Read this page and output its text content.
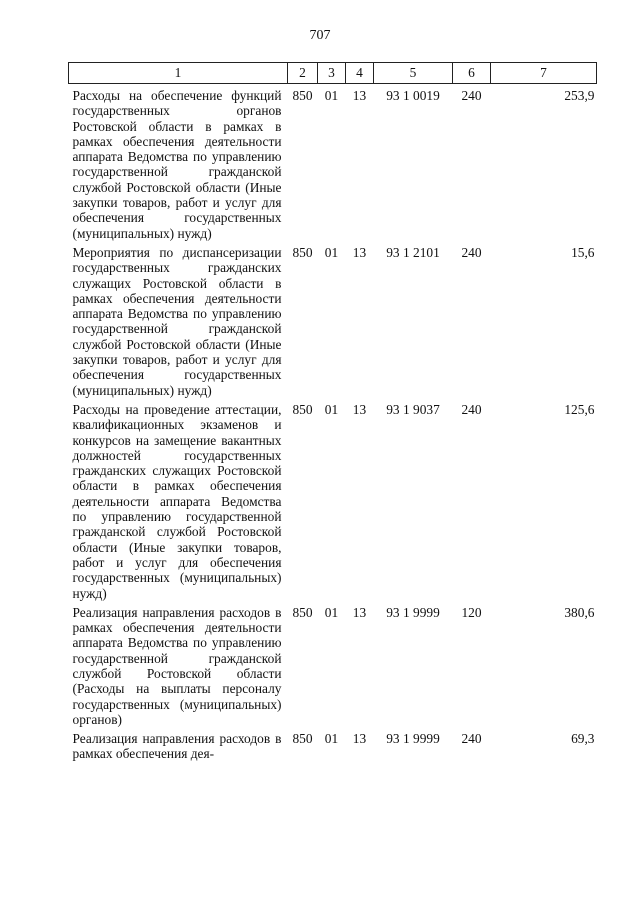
707
1	2	3	4	5	6	7
Расходы на обеспечение функций государственных органов Ростовской области в рамках в рамках обеспечения деятельности аппарата Ведомства по управлению государственной гражданской службой Ростовской области (Иные закупки товаров, работ и услуг для обеспечения государственных (муниципальных) нужд)	850	01	13	93 1 0019	240	253,9
Мероприятия по диспансеризации государственных гражданских служащих Ростовской области в рамках обеспечения деятельности аппарата Ведомства по управлению государственной гражданской службой Ростовской области (Иные закупки товаров, работ и услуг для обеспечения государственных (муниципальных) нужд)	850	01	13	93 1 2101	240	15,6
Расходы на проведение аттестации, квалификационных экзаменов и конкурсов на замещение вакантных должностей государственных гражданских служащих Ростовской области в рамках обеспечения деятельности аппарата Ведомства по управлению государственной гражданской службой Ростовской области (Иные закупки товаров, работ и услуг для обеспечения государственных (муниципальных) нужд)	850	01	13	93 1 9037	240	125,6
Реализация направления расходов в рамках обеспечения деятельности аппарата Ведомства по управлению государственной гражданской службой Ростовской области (Расходы на выплаты персоналу государственных (муниципальных) органов)	850	01	13	93 1 9999	120	380,6
Реализация направления расходов в рамках обеспечения дея-	850	01	13	93 1 9999	240	69,3
